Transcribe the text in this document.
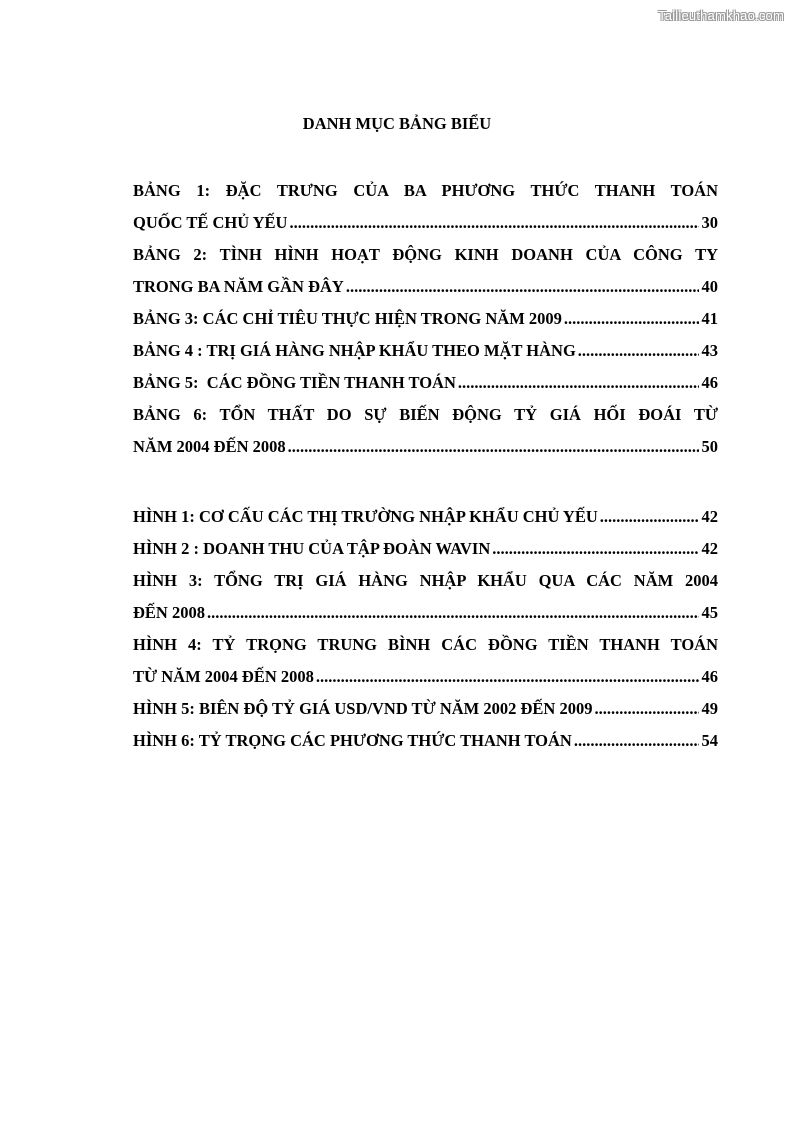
Tailieuthamkhao.com
DANH MỤC BẢNG BIỂU
BẢNG 1: ĐẶC TRƯNG CỦA BA PHƯƠNG THỨC THANH TOÁN
QUỐC TẾ CHỦ YẾU .....	30
BẢNG 2: TÌNH HÌNH HOẠT ĐỘNG KINH DOANH CỦA CÔNG TY
TRONG BA NĂM GẦN ĐÂY .....	40
BẢNG 3: CÁC CHỈ TIÊU THỰC HIỆN TRONG NĂM 2009 .....	41
BẢNG 4 : TRỊ GIÁ HÀNG NHẬP KHẨU THEO MẶT HÀNG .....	43
BẢNG 5:  CÁC ĐỒNG TIỀN THANH TOÁN .....	46
BẢNG 6: TỔN THẤT DO SỰ BIẾN ĐỘNG TỶ GIÁ HỐI ĐOÁI TỪ
NĂM 2004 ĐẾN 2008 .....	50
HÌNH 1: CƠ CẤU CÁC THỊ TRƯỜNG NHẬP KHẨU CHỦ YẾU .....	42
HÌNH 2 : DOANH THU CỦA TẬP ĐOÀN WAVIN .....	42
HÌNH 3: TỔNG TRỊ GIÁ HÀNG NHẬP KHẨU QUA CÁC NĂM 2004
ĐẾN 2008 .....	45
HÌNH 4: TỶ TRỌNG TRUNG BÌNH CÁC ĐỒNG TIỀN THANH TOÁN
TỪ NĂM 2004 ĐẾN 2008 .....	46
HÌNH 5: BIÊN ĐỘ TỶ GIÁ USD/VND TỪ NĂM 2002 ĐẾN 2009 .....	49
HÌNH 6: TỶ TRỌNG CÁC PHƯƠNG THỨC THANH TOÁN .....	54
